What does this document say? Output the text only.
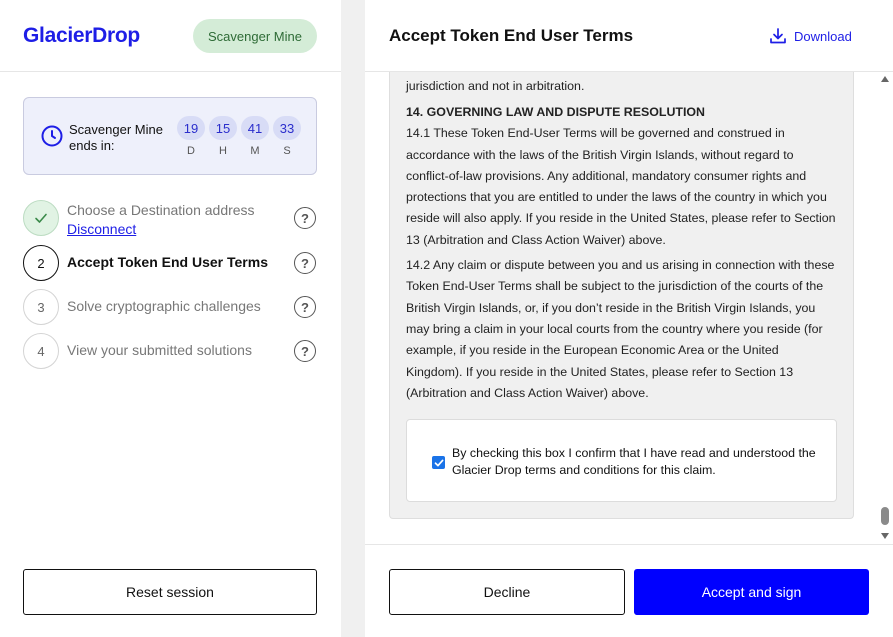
GlacierDrop	Scavenger Mine
Scavenger Mine ends in:
19
D
15
H
41
M
33
S
Choose a Destination address
Disconnect
?
2	Accept Token End User Terms	?
3	Solve cryptographic challenges	?
4	View your submitted solutions	?
Reset session
Accept Token End User Terms	Download

jurisdiction and not in arbitration.

14. GOVERNING LAW AND DISPUTE RESOLUTION

14.1 These Token End-User Terms will be governed and construed in accordance with the laws of the British Virgin Islands, without regard to conflict-of-law provisions. Any additional, mandatory consumer rights and protections that you are entitled to under the laws of the country in which you reside will also apply. If you reside in the United States, please refer to Section 13 (Arbitration and Class Action Waiver) above.

14.2 Any claim or dispute between you and us arising in connection with these Token End-User Terms shall be subject to the jurisdiction of the courts of the British Virgin Islands, or, if you don’t reside in the British Virgin Islands, you may bring a claim in your local courts from the country where you reside (for example, if you reside in the European Economic Area or the United Kingdom). If you reside in the United States, please refer to Section 13 (Arbitration and Class Action Waiver) above.

By checking this box I confirm that I have read and understood the Glacier Drop terms and conditions for this claim.
Decline	Accept and sign
